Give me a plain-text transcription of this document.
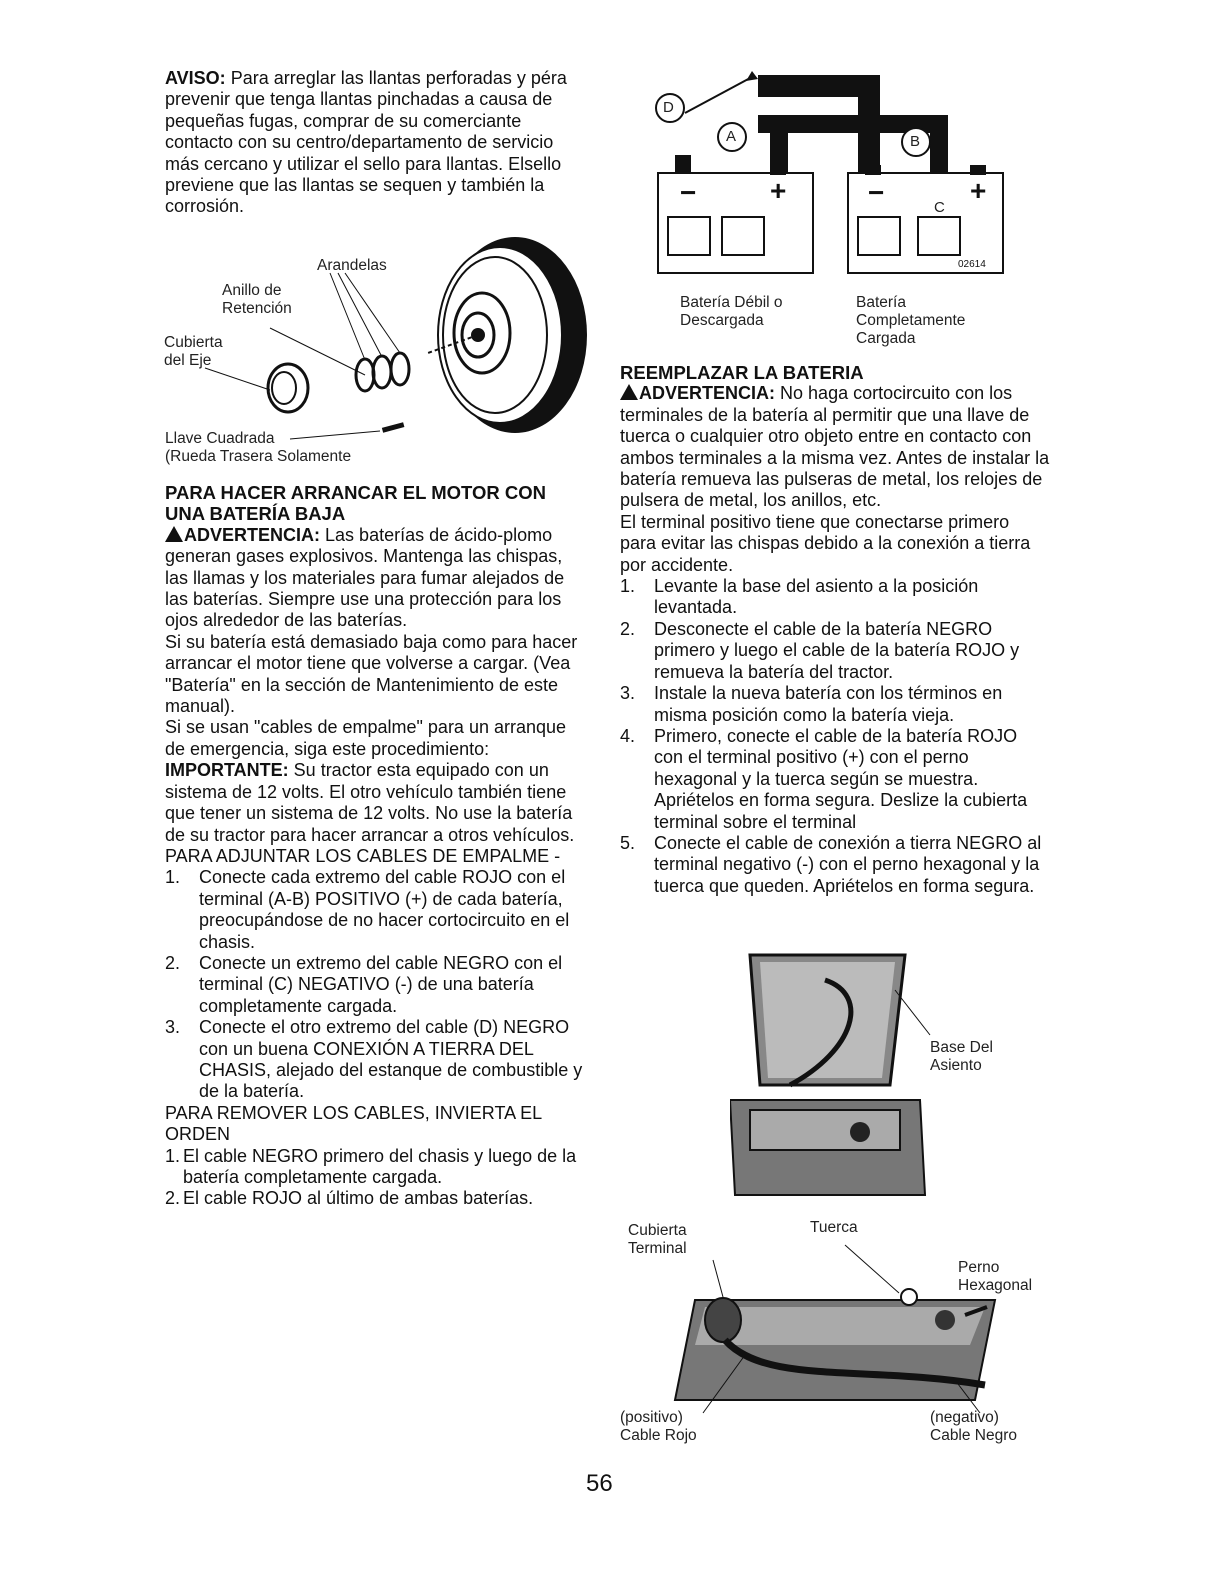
AVISO: Para arreglar las llantas perforadas y péra prevenir que tenga llantas pinchadas a causa de pequeñas fugas, comprar de su comerciante contacto con su centro/departamento de servicio más cercano y utilizar el sello para llantas. Elsello previene que las llantas se sequen y también la corrosión.

Arandelas
Anillo de
Retención
Cubierta
del Eje
Llave Cuadrada
(Rueda Trasera Solamente

PARA HACER ARRANCAR EL MOTOR CON

UNA BATERÍA BAJA

ADVERTENCIA: Las baterías de ácido-plomo generan gases explosivos. Mantenga las chispas, las llamas y los materiales para fumar alejados de las baterías. Siempre use una protección para los ojos alrededor de las baterías.

Si su batería está demasiado baja como para hacer arrancar el motor tiene que volverse a cargar. (Vea "Batería" en la sección de Mantenimiento de este manual).

Si se usan "cables de empalme" para un arranque de emergencia, siga este procedimiento:

IMPORTANTE: Su tractor esta equipado con un sistema de 12 volts. El otro vehículo también tiene que tener un sistema de 12 volts. No use la batería de su tractor para hacer arrancar a otros vehículos.

PARA ADJUNTAR LOS CABLES DE EMPALME -

1. Conecte cada extremo del cable ROJO con el terminal (A-B) POSITIVO (+) de cada batería, preocupándose de no hacer cortocircuito en el chasis.
2. Conecte un extremo del cable NEGRO con el terminal (C) NEGATIVO (-) de una batería completamente cargada.
3. Conecte el otro extremo del cable (D) NEGRO con un buena CONEXIÓN A TIERRA DEL CHASIS, alejado del estanque de combustible y de la batería.

PARA REMOVER LOS CABLES, INVIERTA EL ORDEN

1. El cable NEGRO primero del chasis y luego de la batería completamente cargada.
2. El cable ROJO al último de ambas baterías.
D
A	B
C
−	+	−	+
02614
Batería Débil o
Descargada
Batería
Completamente
Cargada

REEMPLAZAR LA BATERIA

ADVERTENCIA: No haga cortocircuito con los terminales de la batería al permitir que una llave de tuerca o cualquier otro objeto entre en contacto con ambos terminales a la misma vez. Antes de instalar la batería remueva las pulseras de metal, los relojes de pulsera de metal, los anillos, etc.

El terminal positivo tiene que conectarse primero para evitar las chispas debido a la conexión a tierra por accidente.

1. Levante la base del asiento a la posición levantada.
2. Desconecte el cable de la batería NEGRO primero y luego el cable de la batería ROJO y remueva la batería del tractor.
3. Instale la nueva batería con los términos en misma posición como la batería vieja.
4. Primero, conecte el cable de la batería ROJO con el terminal positivo (+) con el perno hexagonal y la tuerca según se muestra. Apriételos en forma segura. Deslize la cubierta terminal sobre el terminal
5. Conecte el cable de conexión a tierra NEGRO al terminal negativo (-) con el perno hexagonal y la tuerca que queden. Apriételos en forma segura.
Base Del
Asiento
Cubierta
Terminal
Tuerca
Perno
Hexagonal
(positivo)
Cable Rojo
(negativo)
Cable Negro
56
